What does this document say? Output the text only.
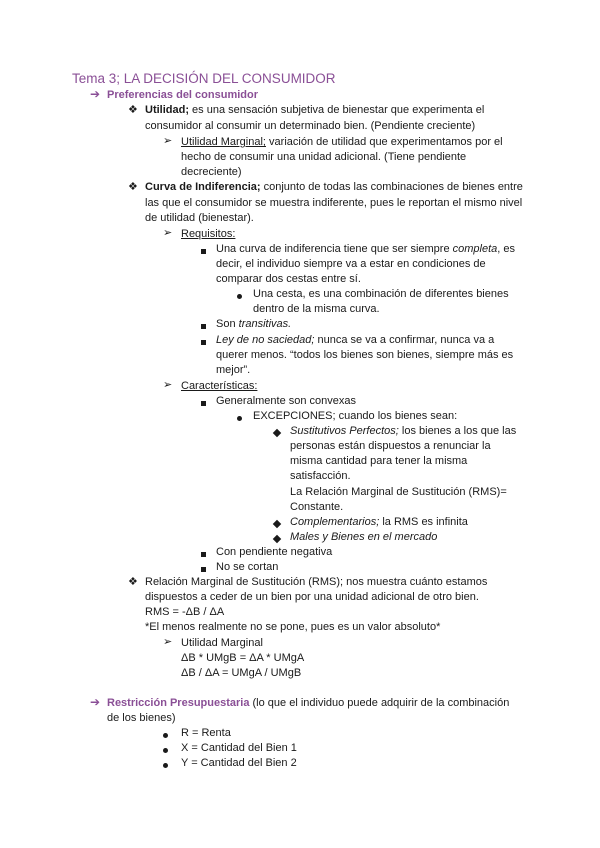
Tema 3; LA DECISIÓN DEL CONSUMIDOR
➔ Preferencias del consumidor
❖ Utilidad; es una sensación subjetiva de bienestar que experimenta el
consumidor al consumir un determinado bien. (Pendiente creciente)
➢ Utilidad Marginal; variación de utilidad que experimentamos por el
hecho de consumir una unidad adicional. (Tiene pendiente
decreciente)
❖ Curva de Indiferencia; conjunto de todas las combinaciones de bienes entre
las que el consumidor se muestra indiferente, pues le reportan el mismo nivel
de utilidad (bienestar).
➢ Requisitos:
Una curva de indiferencia tiene que ser siempre completa, es
decir, el individuo siempre va a estar en condiciones de
comparar dos cestas entre sí.
Una cesta, es una combinación de diferentes bienes
dentro de la misma curva.
Son transitivas.
Ley de no saciedad; nunca se va a confirmar, nunca va a
querer menos. “todos los bienes son bienes, siempre más es
mejor”.
➢ Características:
Generalmente son convexas
EXCEPCIONES; cuando los bienes sean:
Sustitutivos Perfectos; los bienes a los que las
personas están dispuestos a renunciar la
misma cantidad para tener la misma
satisfacción.
La Relación Marginal de Sustitución (RMS)=
Constante.
Complementarios; la RMS es infinita
Males y Bienes en el mercado
Con pendiente negativa
No se cortan
❖ Relación Marginal de Sustitución (RMS); nos muestra cuánto estamos
dispuestos a ceder de un bien por una unidad adicional de otro bien.
RMS = -ΔB / ΔA
*El menos realmente no se pone, pues es un valor absoluto*
➢ Utilidad Marginal
ΔB * UMgB = ΔA * UMgA
ΔB / ΔA = UMgA / UMgB
➔ Restricción Presupuestaria (lo que el individuo puede adquirir de la combinación
de los bienes)
R = Renta
X = Cantidad del Bien 1
Y = Cantidad del Bien 2
